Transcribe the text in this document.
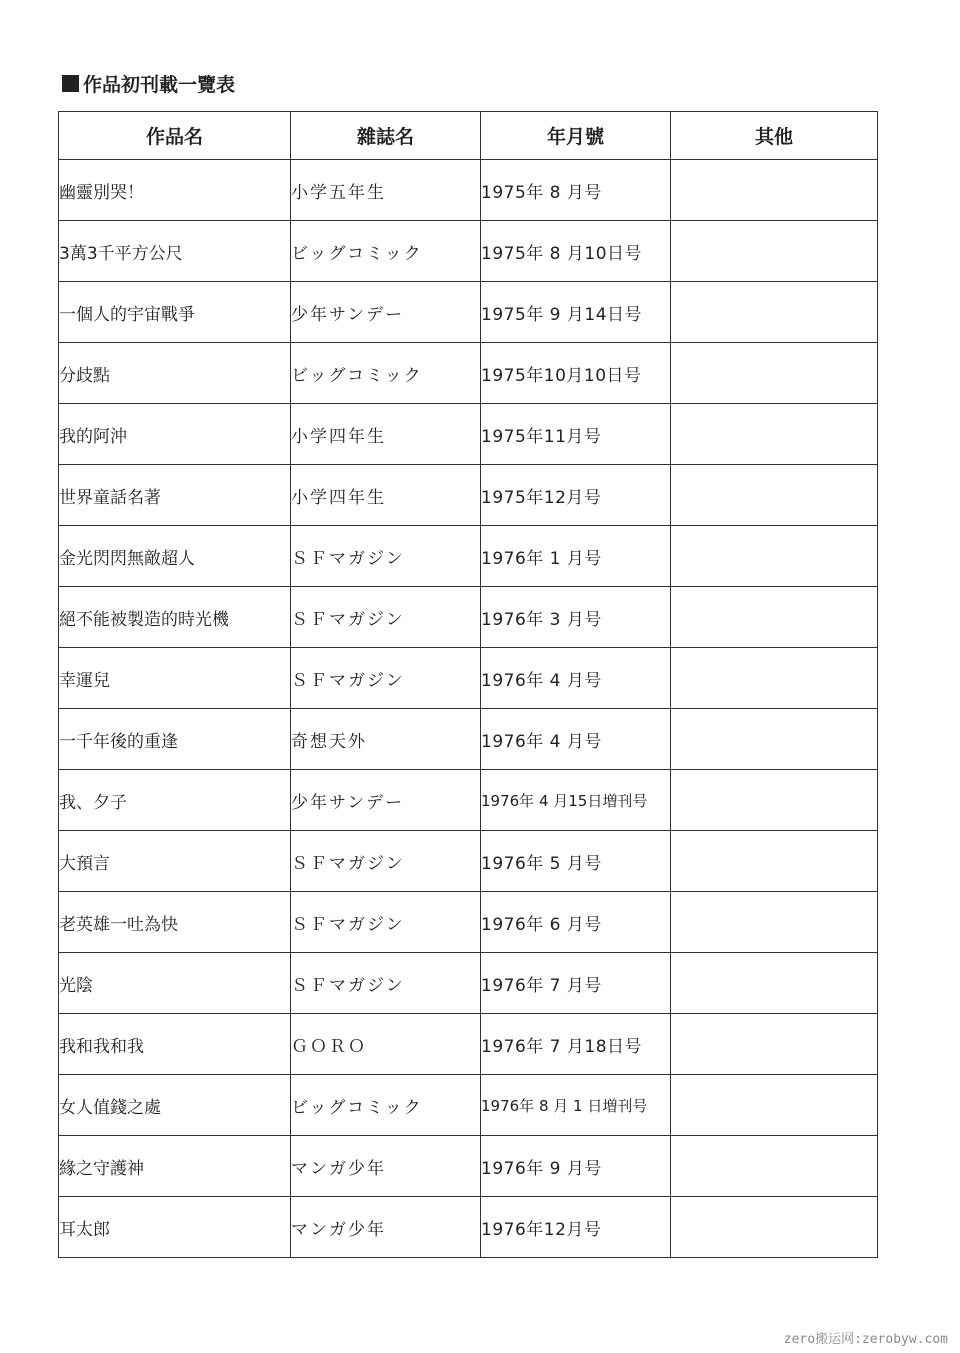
作品初刊載一覽表
作品名	雜誌名	年月號	其他
幽靈別哭！	小学五年生	1975年 8 月号	
3萬3千平方公尺	ビッグコミック	1975年 8 月10日号	
一個人的宇宙戰爭	少年サンデー	1975年 9 月14日号	
分歧點	ビッグコミック	1975年10月10日号	
我的阿沖	小学四年生	1975年11月号	
世界童話名著	小学四年生	1975年12月号	
金光閃閃無敵超人	ＳＦマガジン	1976年 1 月号	
絕不能被製造的時光機	ＳＦマガジン	1976年 3 月号	
幸運兒	ＳＦマガジン	1976年 4 月号	
一千年後的重逢	奇想天外	1976年 4 月号	
我、夕子	少年サンデー	1976年 4 月15日増刊号	
大預言	ＳＦマガジン	1976年 5 月号	
老英雄一吐為快	ＳＦマガジン	1976年 6 月号	
光陰	ＳＦマガジン	1976年 7 月号	
我和我和我	ＧＯＲＯ	1976年 7 月18日号	
女人值錢之處	ビッグコミック	1976年 8 月 1 日増刊号	
緣之守護神	マンガ少年	1976年 9 月号	
耳太郎	マンガ少年	1976年12月号	
zero搬运网:zerobyw.com
